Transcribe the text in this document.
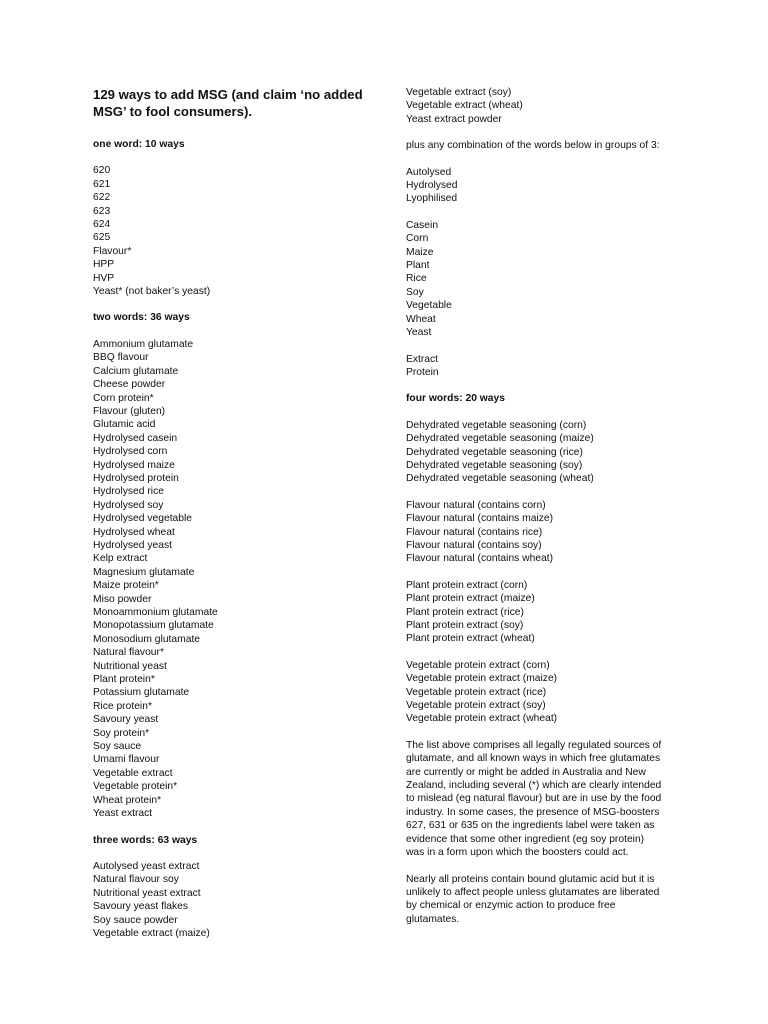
129 ways to add MSG (and claim ‘no added
MSG’ to fool consumers).
one word: 10 ways
620
621
622
623
624
625
Flavour*
HPP
HVP
Yeast* (not baker’s yeast)
two words: 36 ways
Ammonium glutamate
BBQ flavour
Calcium glutamate
Cheese powder
Corn protein*
Flavour (gluten)
Glutamic acid
Hydrolysed casein
Hydrolysed corn
Hydrolysed maize
Hydrolysed protein
Hydrolysed rice
Hydrolysed soy
Hydrolysed vegetable
Hydrolysed wheat
Hydrolysed yeast
Kelp extract
Magnesium glutamate
Maize protein*
Miso powder
Monoammonium glutamate
Monopotassium glutamate
Monosodium glutamate
Natural flavour*
Nutritional yeast
Plant protein*
Potassium glutamate
Rice protein*
Savoury yeast
Soy protein*
Soy sauce
Umami flavour
Vegetable extract
Vegetable protein*
Wheat protein*
Yeast extract
three words: 63 ways
Autolysed yeast extract
Natural flavour soy
Nutritional yeast extract
Savoury yeast flakes
Soy sauce powder
Vegetable extract (maize)
Vegetable extract (soy)
Vegetable extract (wheat)
Yeast extract powder
plus any combination of the words below in groups of 3:
Autolysed
Hydrolysed
Lyophilised
Casein
Corn
Maize
Plant
Rice
Soy
Vegetable
Wheat
Yeast
Extract
Protein
four words: 20 ways
Dehydrated vegetable seasoning (corn)
Dehydrated vegetable seasoning (maize)
Dehydrated vegetable seasoning (rice)
Dehydrated vegetable seasoning (soy)
Dehydrated vegetable seasoning (wheat)
Flavour natural (contains corn)
Flavour natural (contains maize)
Flavour natural (contains rice)
Flavour natural (contains soy)
Flavour natural (contains wheat)
Plant protein extract (corn)
Plant protein extract (maize)
Plant protein extract (rice)
Plant protein extract (soy)
Plant protein extract (wheat)
Vegetable protein extract (corn)
Vegetable protein extract (maize)
Vegetable protein extract (rice)
Vegetable protein extract (soy)
Vegetable protein extract (wheat)
The list above comprises all legally regulated sources of
glutamate, and all known ways in which free glutamates
are currently or might be added in Australia and New
Zealand, including several (*) which are clearly intended
to mislead (eg natural flavour) but are in use by the food
industry. In some cases, the presence of MSG-boosters
627, 631 or 635 on the ingredients label were taken as
evidence that some other ingredient (eg soy protein)
was in a form upon which the boosters could act.
Nearly all proteins contain bound glutamic acid but it is
unlikely to affect people unless glutamates are liberated
by chemical or enzymic action to produce free
glutamates.
